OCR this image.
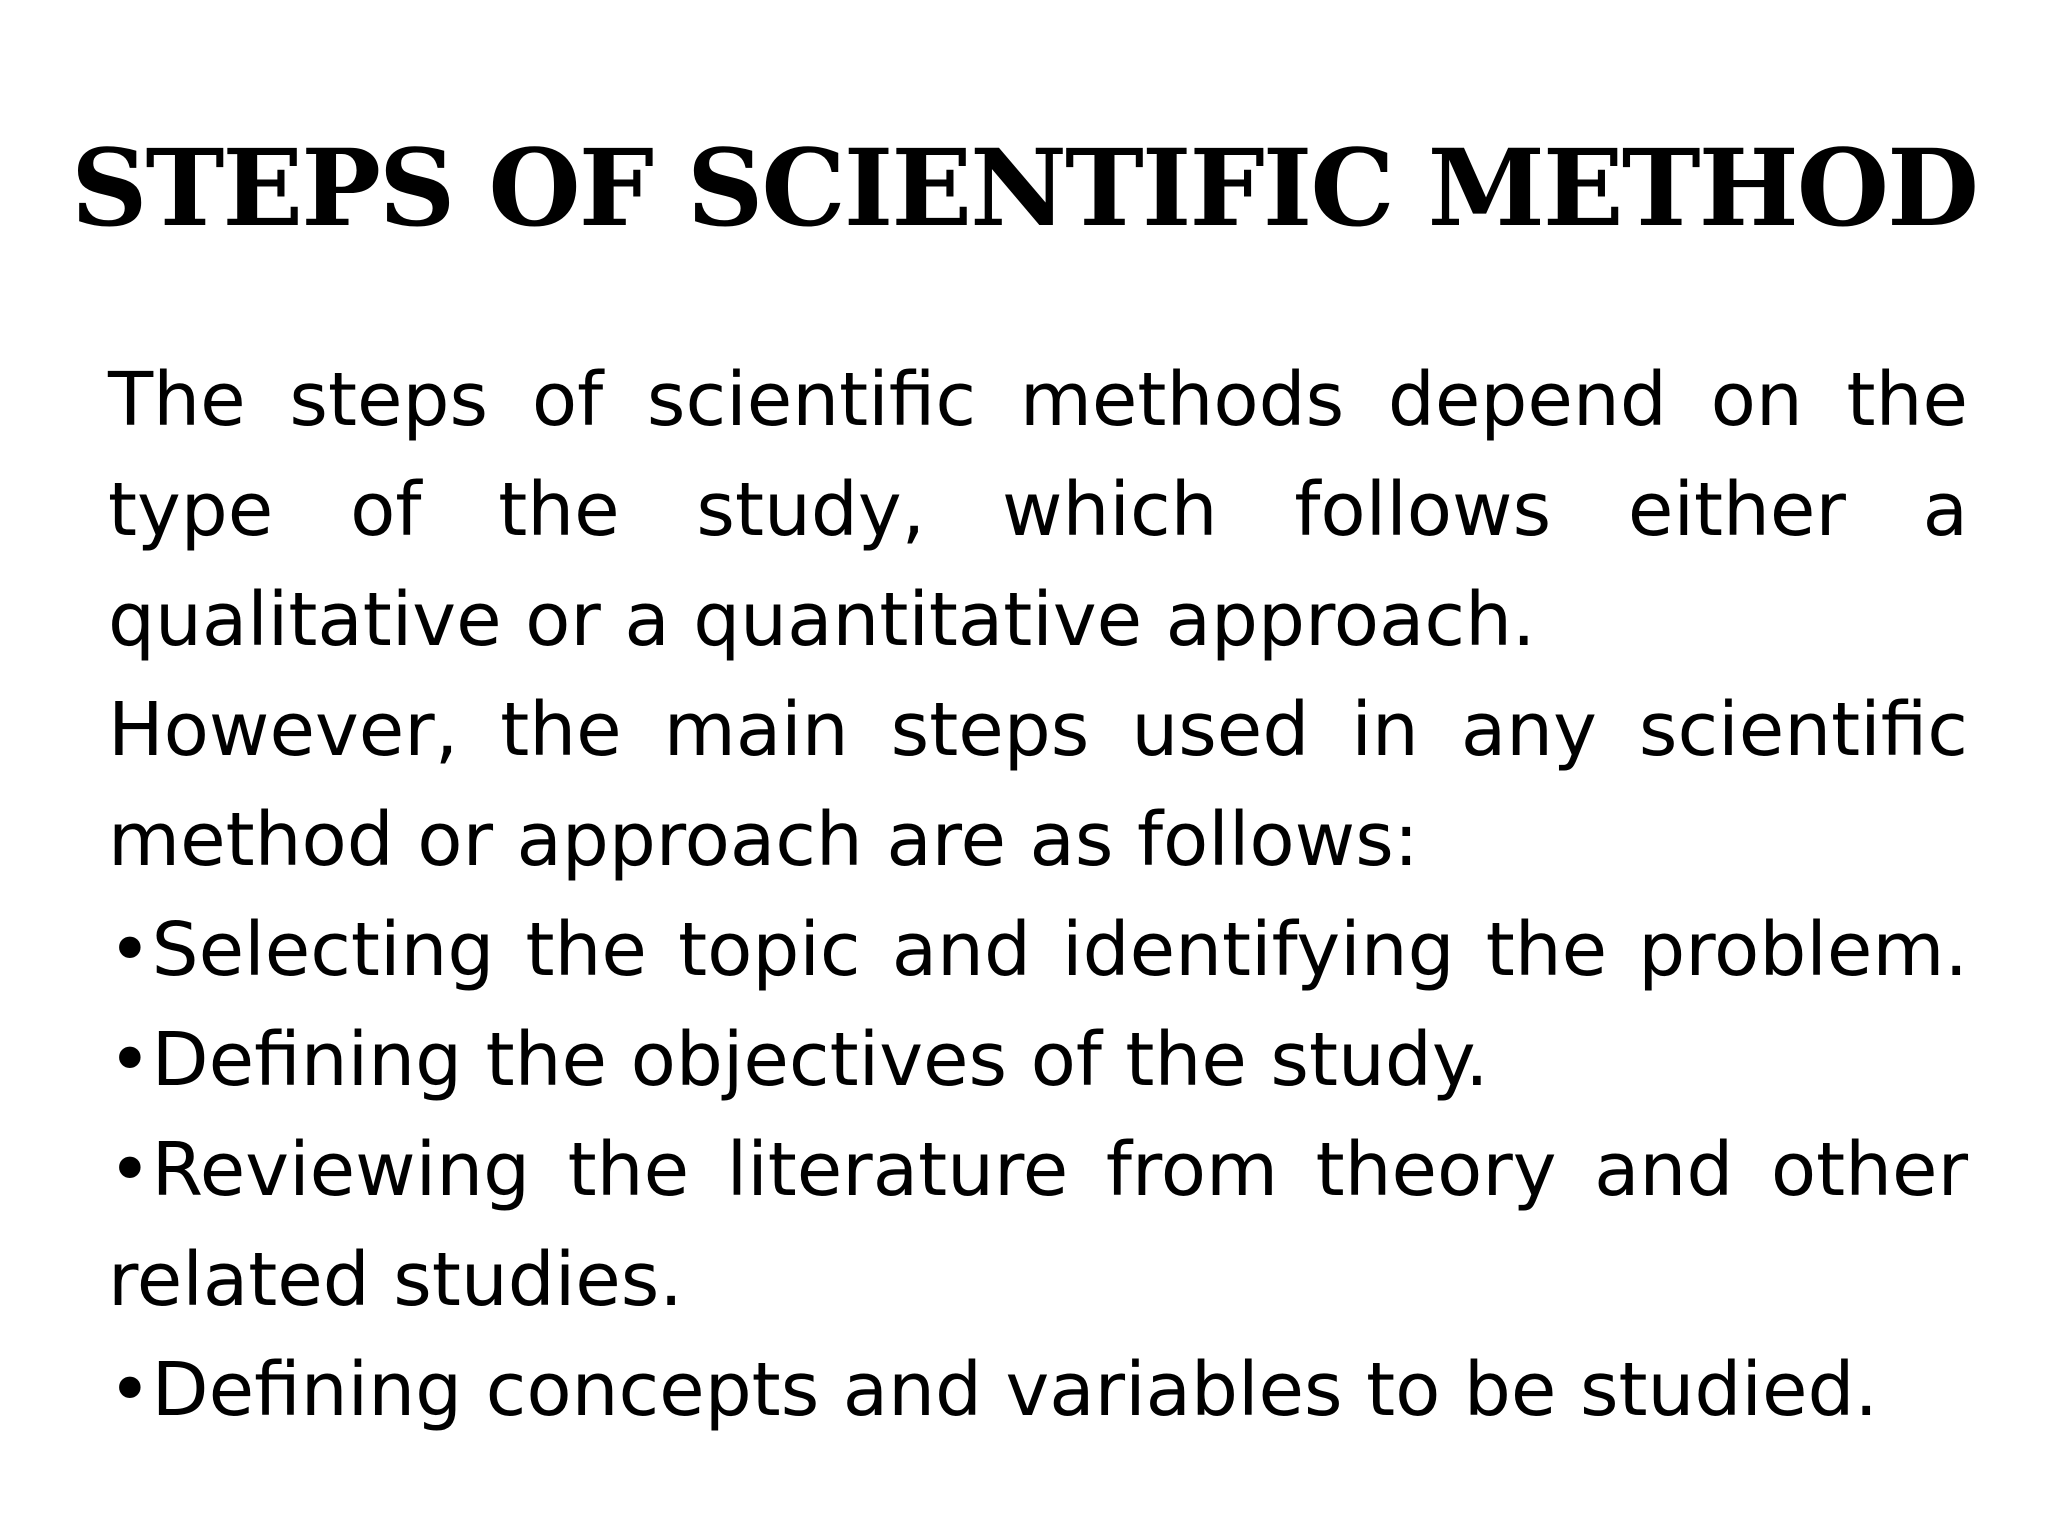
STEPS OF SCIENTIFIC METHOD

The steps of scientific methods depend on the type of the study, which follows either a qualitative or a quantitative approach.

However, the main steps used in any scientific method or approach are as follows:

•Selecting the topic and identifying the problem.
•Defining the objectives of the study.
•Reviewing the literature from theory and other related studies.
•Defining concepts and variables to be studied.
